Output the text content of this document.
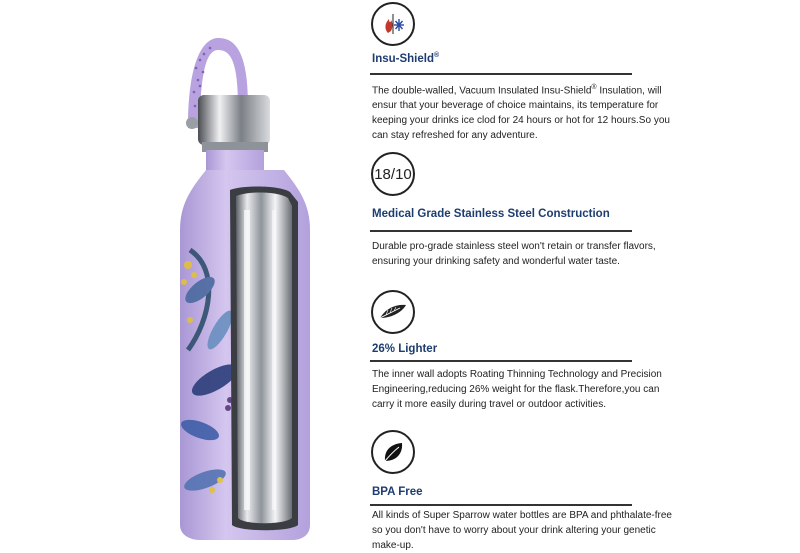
Insu-Shield®
The double-walled, Vacuum Insulated Insu-Shield® Insulation, will ensur that your beverage of choice maintains, its temperature for keeping your drinks ice clod for 24 hours or hot for 12 hours.So you can stay refreshed for any adventure.
18/10
Medical Grade Stainless Steel Construction
Durable pro-grade stainless steel won't retain or transfer flavors, ensuring your drinking safety and wonderful water taste.
26% Lighter
The inner wall adopts Roating Thinning Technology and Precision Engineering,reducing 26% weight for the flask.Therefore,you can carry it more easily during travel or outdoor activities.
BPA Free
All kinds of Super Sparrow water bottles are BPA and phthalate-free so you don't have to worry about your drink altering your genetic make-up.
